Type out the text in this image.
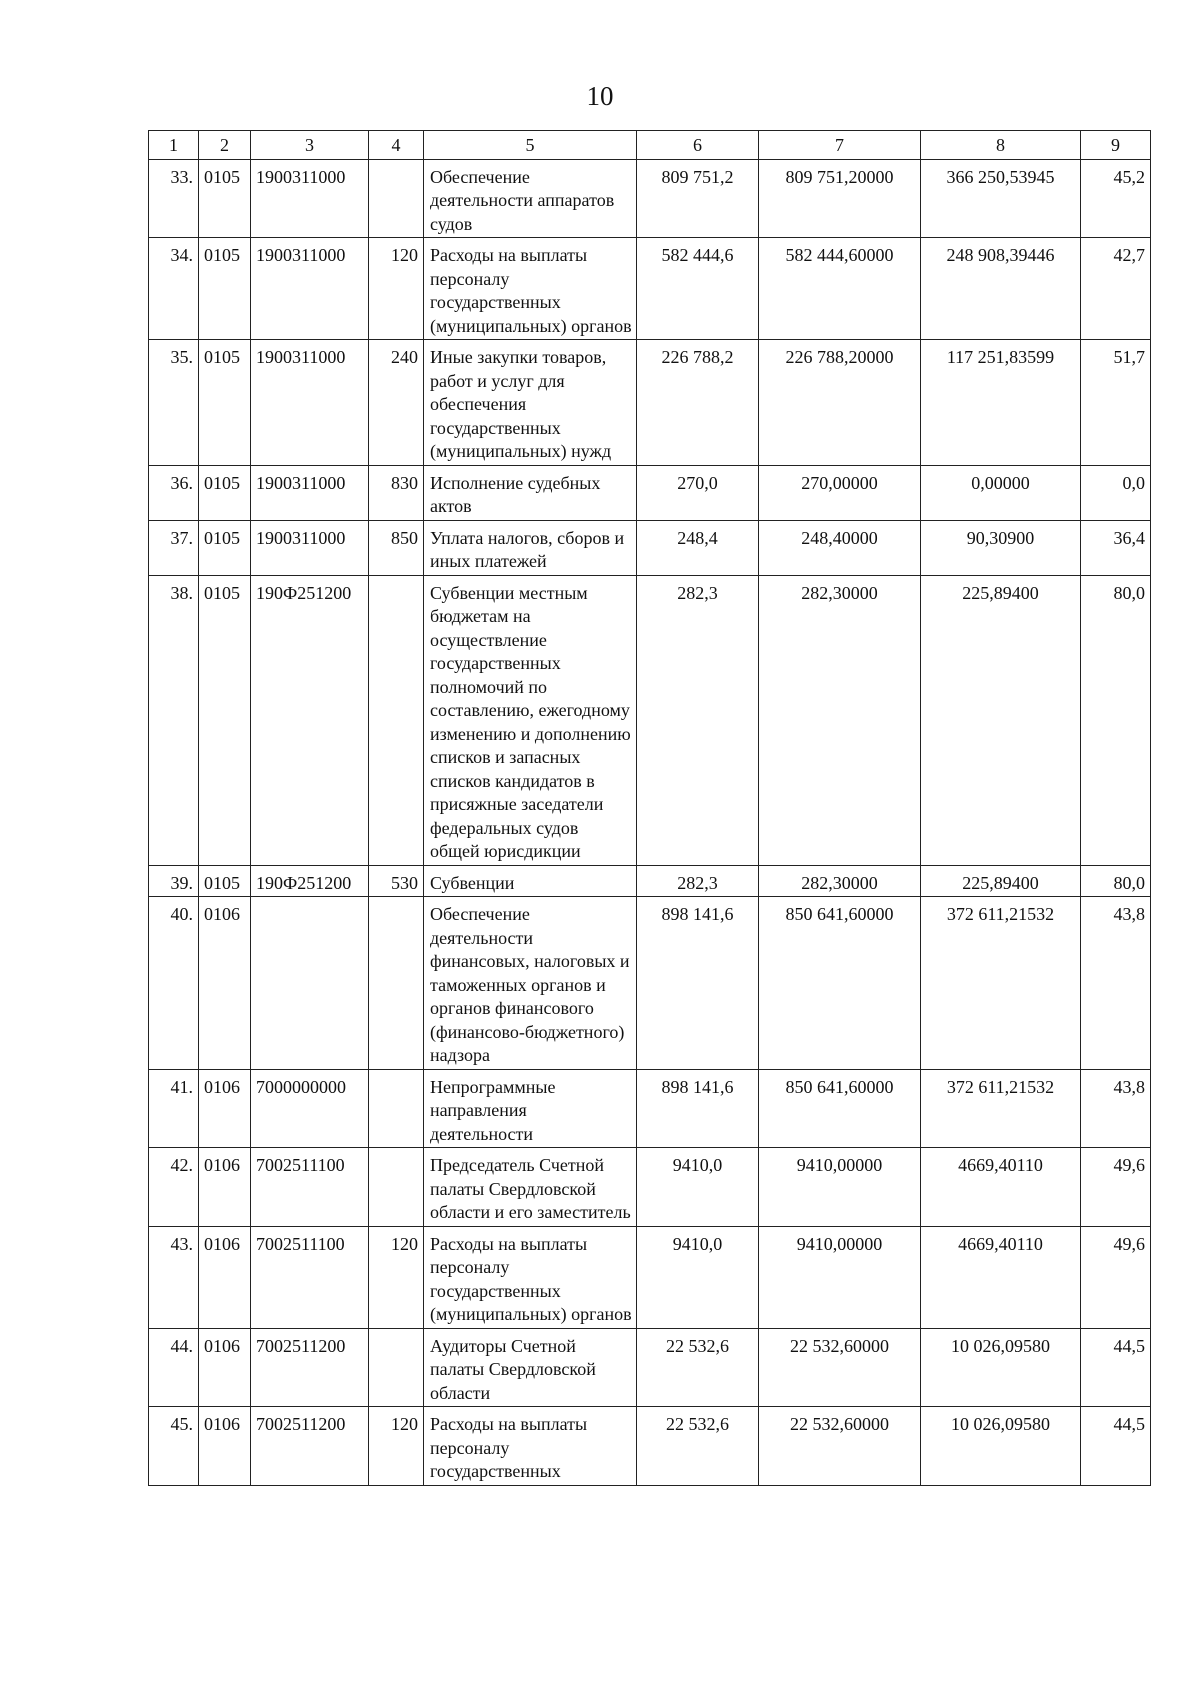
10
1	2	3	4	5	6	7	8	9
33.	0105	1900311000		Обеспечение деятельности аппаратов судов	809 751,2	809 751,20000	366 250,53945	45,2
34.	0105	1900311000	120	Расходы на выплаты персоналу государственных (муниципальных) органов	582 444,6	582 444,60000	248 908,39446	42,7
35.	0105	1900311000	240	Иные закупки товаров, работ и услуг для обеспечения государственных (муниципальных) нужд	226 788,2	226 788,20000	117 251,83599	51,7
36.	0105	1900311000	830	Исполнение судебных актов	270,0	270,00000	0,00000	0,0
37.	0105	1900311000	850	Уплата налогов, сборов и иных платежей	248,4	248,40000	90,30900	36,4
38.	0105	190Ф251200		Субвенции местным бюджетам на осуществление государственных полномочий по составлению, ежегодному изменению и дополнению списков и запасных списков кандидатов в присяжные заседатели федеральных судов общей юрисдикции	282,3	282,30000	225,89400	80,0
39.	0105	190Ф251200	530	Субвенции	282,3	282,30000	225,89400	80,0
40.	0106			Обеспечение деятельности финансовых, налоговых и таможенных органов и органов финансового (финансово-бюджетного) надзора	898 141,6	850 641,60000	372 611,21532	43,8
41.	0106	7000000000		Непрограммные направления деятельности	898 141,6	850 641,60000	372 611,21532	43,8
42.	0106	7002511100		Председатель Счетной палаты Свердловской области и его заместитель	9410,0	9410,00000	4669,40110	49,6
43.	0106	7002511100	120	Расходы на выплаты персоналу государственных (муниципальных) органов	9410,0	9410,00000	4669,40110	49,6
44.	0106	7002511200		Аудиторы Счетной палаты Свердловской области	22 532,6	22 532,60000	10 026,09580	44,5
45.	0106	7002511200	120	Расходы на выплаты персоналу государственных	22 532,6	22 532,60000	10 026,09580	44,5
